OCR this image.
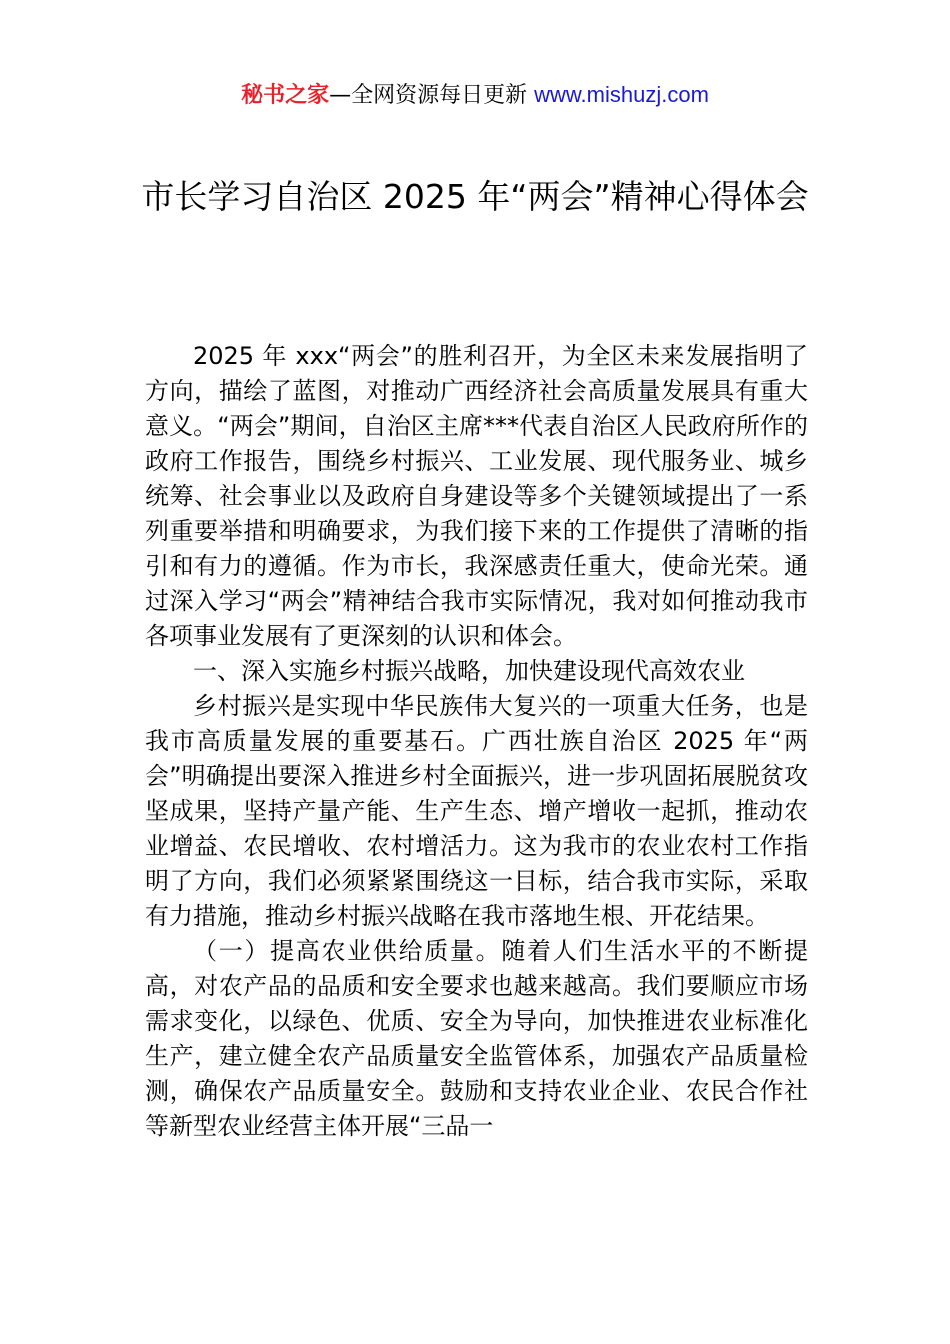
秘书之家—全网资源每日更新 www.mishuzj.com
市长学习自治区 2025 年“两会”精神心得体会

2025 年 xxx“两会”的胜利召开，为全区未来发展指明了方向，描绘了蓝图，对推动广西经济社会高质量发展具有重大意义。“两会”期间，自治区主席***代表自治区人民政府所作的政府工作报告，围绕乡村振兴、工业发展、现代服务业、城乡统筹、社会事业以及政府自身建设等多个关键领域提出了一系列重要举措和明确要求，为我们接下来的工作提供了清晰的指引和有力的遵循。作为市长，我深感责任重大，使命光荣。通过深入学习“两会”精神结合我市实际情况，我对如何推动我市各项事业发展有了更深刻的认识和体会。

一、深入实施乡村振兴战略，加快建设现代高效农业

乡村振兴是实现中华民族伟大复兴的一项重大任务，也是我市高质量发展的重要基石。广西壮族自治区 2025 年“两会”明确提出要深入推进乡村全面振兴，进一步巩固拓展脱贫攻坚成果，坚持产量产能、生产生态、增产增收一起抓，推动农业增益、农民增收、农村增活力。这为我市的农业农村工作指明了方向，我们必须紧紧围绕这一目标，结合我市实际，采取有力措施，推动乡村振兴战略在我市落地生根、开花结果。

（一）提高农业供给质量。随着人们生活水平的不断提高，对农产品的品质和安全要求也越来越高。我们要顺应市场需求变化，以绿色、优质、安全为导向，加快推进农业标准化生产，建立健全农产品质量安全监管体系，加强农产品质量检测，确保农产品质量安全。鼓励和支持农业企业、农民合作社等新型农业经营主体开展“三品一
